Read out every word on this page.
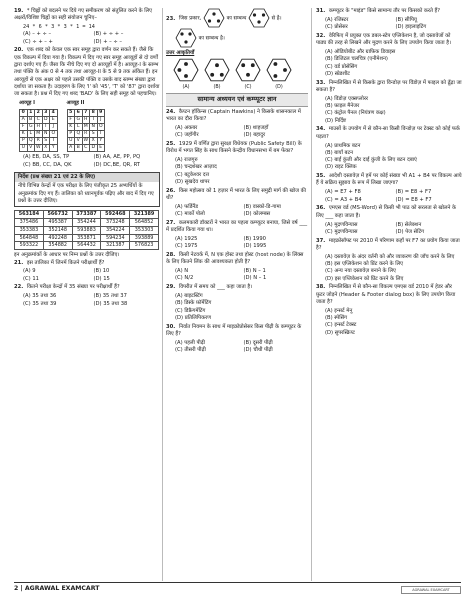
19. * चिह्नों को बदलने पर दिये गए समीकरण को संतुलित करने के लिए अक्षरों/विशिष्ट चिह्नों का सही संयोजन चुनिए–
24 * 6 * 3 * 3 * 1 = 14
(A) – + ÷ –	(B) + ÷ + –
(C) ÷ + – +	(D) + – ÷ –
20. एक शब्द को केवल एक स्वर समूह द्वारा वर्णन कर सकते हैं। जैसे कि एक विकल्प में दिया गया है। विकल्प में दिए गए स्वर समूह आव्यूहों से दो वर्णों द्वारा दर्शाए गए हैं। जैसा कि नीचे दिए गए दो आव्यूहों में है। आव्यूह-I के स्तम्भ तथा पंक्ति के अंक 0 से 4 तक तथा आव्यूह-II के 5 से 9 तक अंकित हैं। इन आव्यूहों से एक अक्षर को पहले उसकी पंक्ति व उसके बाद स्तम्भ संख्या द्वारा दर्शाया जा सकता है। उदाहरण के लिए 'I' को '45', 'T' को '87' द्वारा दर्शाया जा सकता है। प्रश्न में दिए गए शब्द 'BAD' के लिए सही समूह को पहचानिए।
आव्यूह I
0	1	2	3	4
A	B	C	D	E
F	G	H	I	J
K	L	M	N	O
P	Q	R	S	T
U	V	W	X	Y
आव्यूह II
5	6	7	8	9
F	G	H	I	J
K	L	M	N	O
P	Q	R	S	T
U	V	W	X	Y
A	B	C	D	E
(A) EB, DA, SS, TP	(B) AA, AE, PP, PQ
(C) BB, CC, DA, QK	(D) DC,BE, QR, RT
निर्देश (प्रश्न संख्या 21 एवं 22 के लिए)
नीचे विभिन्न केन्द्रों में एक परीक्षा के लिए पंजीकृत 25 अभ्यर्थियों के अनुक्रमांक दिए गए हैं। तालिका को ध्यानपूर्वक पढ़िए और बाद में दिए गए प्रश्नों के उत्तर दीजिए।
563184	566732	373387	592468	321389
375486	495387	354244	373248	564852
353383	352148	593883	354224	353303
564848	492248	353871	594234	393889
593322	354882	564432	321387	576823
इन अनुक्रमांकों के आधार पर निम्न प्रश्नों के उत्तर दीजिए।
21. इस तालिका में जिनमें कितने परीक्षार्थी हैं?
(A) 9	(B) 10
(C) 11	(D) 15
22. कितने परीक्षा केन्द्रों में 35 संख्या पर परीक्षार्थी हैं?
(A) 35 तथा 36	(B) 35 तथा 37
(C) 35 तथा 39	(D) 35 तथा 38
23. जिस प्रकार,	का सम्बन्ध	से है।
का सम्बन्ध है।
उत्तर आकृतियाँ
(A)	(B)	(C)	(D)
सामान्य अध्ययन एवं कम्प्यूटर ज्ञान
24. कैप्टन हॉकिन्स (Captain Hawkins) ने किसके शासनकाल में भारत का दौरा किया?
(A) अकबर	(B) शाहजहाँ
(C) जहाँगीर	(D) बहादुर
25. 1929 में वर्णित द्वारा सुरक्षा विधेयक (Public Safety Bill) के विरोध में भगत सिंह के साथ किसने केन्द्रीय विधानसभा में बम फेंका?
(A) राजगुरु
(B) चन्द्रशेखर आज़ाद
(C) बटुकेश्वर दत्त
(D) सुखदेव थापर
26. किस महोत्सव को 1 हज़ार में भारत के लिए समुद्री मार्ग की खोज की थी?
(A) फर्डिनैंड	(B) वास्को-डि-गामा
(C) मार्को पोलो	(D) कोलम्बस
27. कलमकारी डॉक्टरों ने भारत का पहला कम्प्यूटर बनाया, जिसे वर्ष ___ में प्रदर्शित किया गया था।
(A) 1925	(B) 1990
(C) 1975	(D) 1995
28. किसी नेटवर्क में, N एक होस्ट तथा होस्ट (host node) के लिंक्स के लिए कितने लिंक की आवश्यकता होती है?
(A) N	(B) N – 1
(C) N/2	(D) N – 1
29. विपरीत में समय को ___ कहा जाता है।
(A) बाइटस्टिंग
(B) डिस्के फ़ॉर्मेटिंग
(C) डिफ्रैगमेंटिंग
(D) प्रतिलिपिकरण
30. निर्वात नियमन के साथ में माइक्रोप्रोसेसर किस पीढ़ी के कम्प्यूटर के लिए हैं?
(A) पहली पीढ़ी	(B) दूसरी पीढ़ी
(C) तीसरी पीढ़ी	(D) चौथी पीढ़ी
31. कम्प्यूटर के "माइंड" किसे सामान्य तौर पर किसको करते हैं?
(A) रजिस्टर	(B) सीपियू
(C) प्रोसेसर	(D) हाइलाइटिंग
32. वेरिफिए में प्रयुक्त एक डबल-स्टेप एप्लिकेशन है, जो दस्तावेजों को पाठ्य की तरह से लिखने और मुद्रण करने के लिए उपयोग किया जाता है।
(A) ऑडियोबीट और ग्राफ़िक डिवाइस
(B) डिजिटल चलचित्र (एनीमेशन)
(C) वर्ड प्रोसेसिंग
(D) स्प्रेडशीट
33. निम्नलिखित में से किसके द्वारा विन्डोज़ पर विंडोज़ में फाइल को ढूँढ़ा जा सकता है?
(A) विंडोज़ एक्सप्लोरर
(B) फ़ाइल मैनेजर
(C) कंट्रोल पैनल (नियंत्रण कक्ष)
(D) निर्दिष्ट
34. माउसों के उपयोग में से कौन-सा किसी विन्डोज़ पर टेक्स्ट को कोई फर्क पड़ता?
(A) प्राथमिक बटन
(B) बायाँ बटन
(C) बाईं कुंजी और दाईं कुंजी के लिए बटन दबाएं
(D) राइट क्लिक
35. आदेशी दस्तावेज़ में हमें पर कोई संख्या भी A1 + B4 पर विकल्प आये हैं ये सक्रिय सुझाव के रूप में लिखा जाएगा?
(A) = E7 + F8	(B) = E8 + F7
(C) = A3 + B4	(D) = E8 + F7
36. एमएस वर्ड (MS-Word) से किसी भी पाठ को सरलता से खोलने के लिए ___ कहा जाता है।
(A) मुद्रणविन्यास	(B) सेलेक्शन
(C) मुद्रणविन्यास	(D) पेज सेटिंग
37. माइक्रोसॉफ्ट पर 2010 में परिणाम कहाँ पर F7 का प्रयोग किया जाता है?
(A) दस्तावेज़ के अंदर वर्तनी को और व्याकरण की जाँच करने के लिए
(B) इस एप्लिकेशन को प्रिंट करने के लिए
(C) अन्य नया दस्तावेज़ बनाने के लिए
(D) इस एप्लिकेशन को प्रिंट करने के लिए
38. निम्नलिखित में से कौन-सा विकल्प एमएस वर्ड 2010 में हेडर और फ़ुटर जोड़ने (Header & Footer dialog box) के लिए उपयोग किया जाता है?
(A) इन्सर्ट मेनू
(B) स्पेसिंग
(C) इन्सर्ट टेक्स्ट
(D) सुपरस्क्रिप्ट
2 | AGRAWAL EXAMCART	AGRAWAL EXAMCART
